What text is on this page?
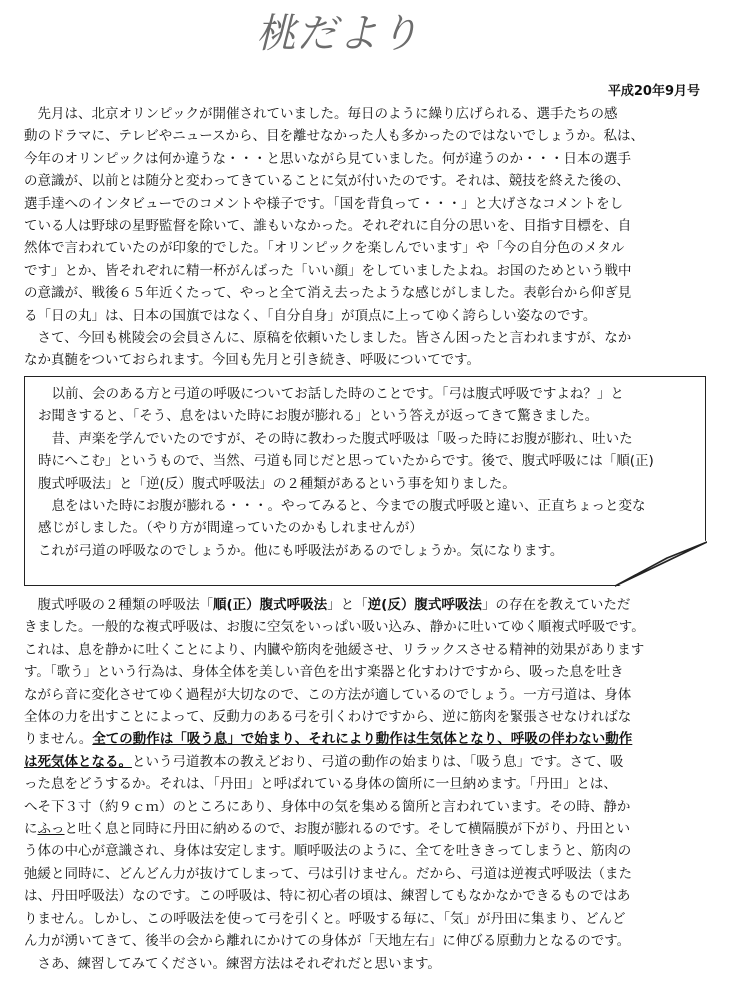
桃だより
平成20年9月号
　先月は、北京オリンピックが開催されていました。毎日のように繰り広げられる、選手たちの感
動のドラマに、テレビやニュースから、目を離せなかった人も多かったのではないでしょうか。私は、
今年のオリンピックは何か違うな・・・と思いながら見ていました。何が違うのか・・・日本の選手
の意識が、以前とは随分と変わってきていることに気が付いたのです。それは、競技を終えた後の、
選手達へのインタビューでのコメントや様子です。「国を背負って・・・」と大げさなコメントをし
ている人は野球の星野監督を除いて、誰もいなかった。それぞれに自分の思いを、目指す目標を、自
然体で言われていたのが印象的でした。「オリンピックを楽しんでいます」や「今の自分色のメタル
です」とか、皆それぞれに精一杯がんばった「いい顔」をしていましたよね。お国のためという戦中
の意識が、戦後６５年近くたって、やっと全て消え去ったような感じがしました。表彰台から仰ぎ見
る「日の丸」は、日本の国旗ではなく、「自分自身」が頂点に上ってゆく誇らしい姿なのです。
　さて、今回も桃陵会の会員さんに、原稿を依頼いたしました。皆さん困ったと言われますが、なか
なか真髄をついておられます。今回も先月と引き続き、呼吸についてです。
　以前、会のある方と弓道の呼吸についてお話した時のことです。「弓は腹式呼吸ですよね？」と
お聞きすると、「そう、息をはいた時にお腹が膨れる」という答えが返ってきて驚きました。
　昔、声楽を学んでいたのですが、その時に教わった腹式呼吸は「吸った時にお腹が膨れ、吐いた
時にへこむ」というもので、当然、弓道も同じだと思っていたからです。後で、腹式呼吸には「順(正)
腹式呼吸法」と「逆(反）腹式呼吸法」の２種類があるという事を知りました。
　息をはいた時にお腹が膨れる・・・。やってみると、今までの腹式呼吸と違い、正直ちょっと変な
感じがしました。（やり方が間違っていたのかもしれませんが）
これが弓道の呼吸なのでしょうか。他にも呼吸法があるのでしょうか。気になります。
　腹式呼吸の２種類の呼吸法「順(正）腹式呼吸法」と「逆(反）腹式呼吸法」の存在を教えていただ
きました。一般的な複式呼吸は、お腹に空気をいっぱい吸い込み、静かに吐いてゆく順複式呼吸です。
これは、息を静かに吐くことにより、内臓や筋肉を弛緩させ、リラックスさせる精神的効果があります
す。「歌う」という行為は、身体全体を美しい音色を出す楽器と化すわけですから、吸った息を吐き
ながら音に変化させてゆく過程が大切なので、この方法が適しているのでしょう。一方弓道は、身体
全体の力を出すことによって、反動力のある弓を引くわけですから、逆に筋肉を緊張させなければな
りません。全ての動作は「吸う息」で始まり、それにより動作は生気体となり、呼吸の伴わない動作
は死気体となる。という弓道教本の教えどおり、弓道の動作の始まりは、「吸う息」です。さて、吸
った息をどうするか。それは、「丹田」と呼ばれている身体の箇所に一旦納めます。「丹田」とは、
へそ下３寸（約９ｃｍ）のところにあり、身体中の気を集める箇所と言われています。その時、静か
にふっと吐く息と同時に丹田に納めるので、お腹が膨れるのです。そして横隔膜が下がり、丹田とい
う体の中心が意識され、身体は安定します。順呼吸法のように、全てを吐ききってしまうと、筋肉の
弛緩と同時に、どんどん力が抜けてしまって、弓は引けません。だから、弓道は逆複式呼吸法（また
は、丹田呼吸法）なのです。この呼吸は、特に初心者の頃は、練習してもなかなかできるものではあ
りません。しかし、この呼吸法を使って弓を引くと。呼吸する毎に、「気」が丹田に集まり、どんど
ん力が湧いてきて、後半の会から離れにかけての身体が「天地左右」に伸びる原動力となるのです。
　さあ、練習してみてください。練習方法はそれぞれだと思います。
